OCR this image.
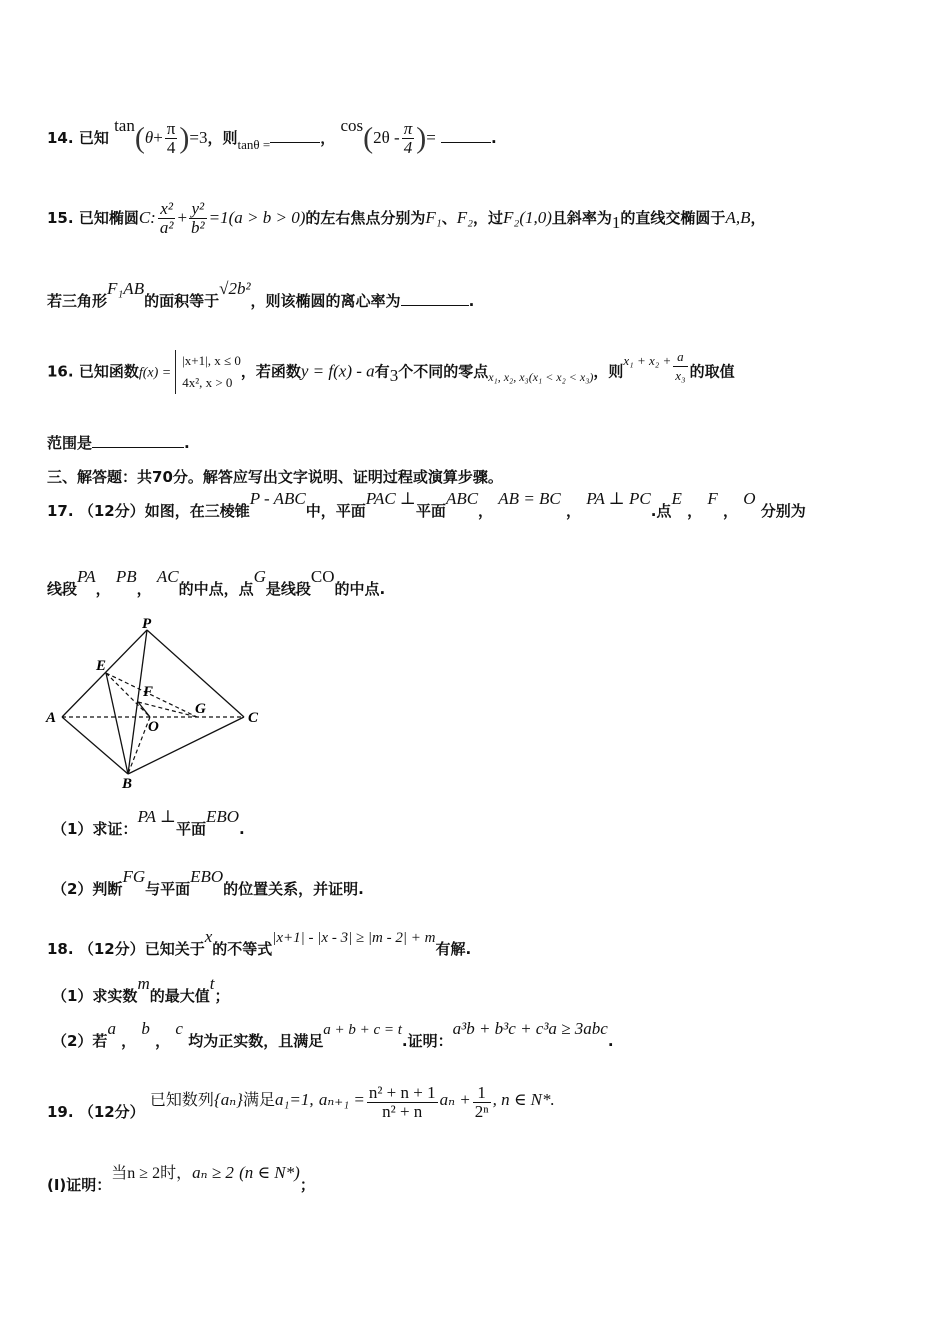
14. 已知 $\tan(\theta+ \frac{\pi}{4} )=3$，则tanθ =	， $\cos(2\theta - \frac{\pi}{4}$ )=	.
15. 已知椭圆C: $\frac{\text{x²}}{\text{a²}} + \frac{\text{y²}}{\text{b²}} =1(a > b > 0)$的左右焦点分别为F₁、F₂，过F₂(1,0)且斜率为1的直线交椭圆于A,B，
若三角形F₁AB的面积等于√2b²，则该椭圆的离心率为	.
16. 已知函数f(x) =
|x+1|, x ≤ 0
4x², x > 0
，若函数y = f(x) - a有3个不同的零点$_{x_1, x_2, x_3(x_1 < x_2 < x_3)}$，则$x_1 + x_2 + \frac{a}{\text{x₃}}$ 的取值
范围是	.
三、解答题：共70分。解答应写出文字说明、证明过程或演算步骤。
17. （12分）如图，在三棱锥P - ABC中，平面PAC ⊥平面ABC， AB = BC ， PA ⊥ PC.点E ， F ， O 分别为
线段PA， PB， AC的中点，点G是线段CO的中点.
P
E
F
A
O
G
C
B
（1）求证：PA ⊥平面EBO.
（2）判断FG与平面EBO的位置关系，并证明.
18. （12分）已知关于x的不等式|x+1| - |x - 3| ≥ |m - 2| + m有解.
（1）求实数m的最大值t；
（2）若a ， b ， c 均为正实数，且满足a + b + c = t.证明：a³b + b³c + c³a ≥ 3abc.
19. （12分） 已知数列{aₙ}满足a₁=1, $a_{n+1} = \frac{\text{n² + n + 1}}{\text{n² + n}}$ $a_n + \frac{1}{\text{2ⁿ}}$ , n ∈ N*.
(I)证明：当n ≥ 2时，aₙ ≥ 2 (n ∈ N*)；
